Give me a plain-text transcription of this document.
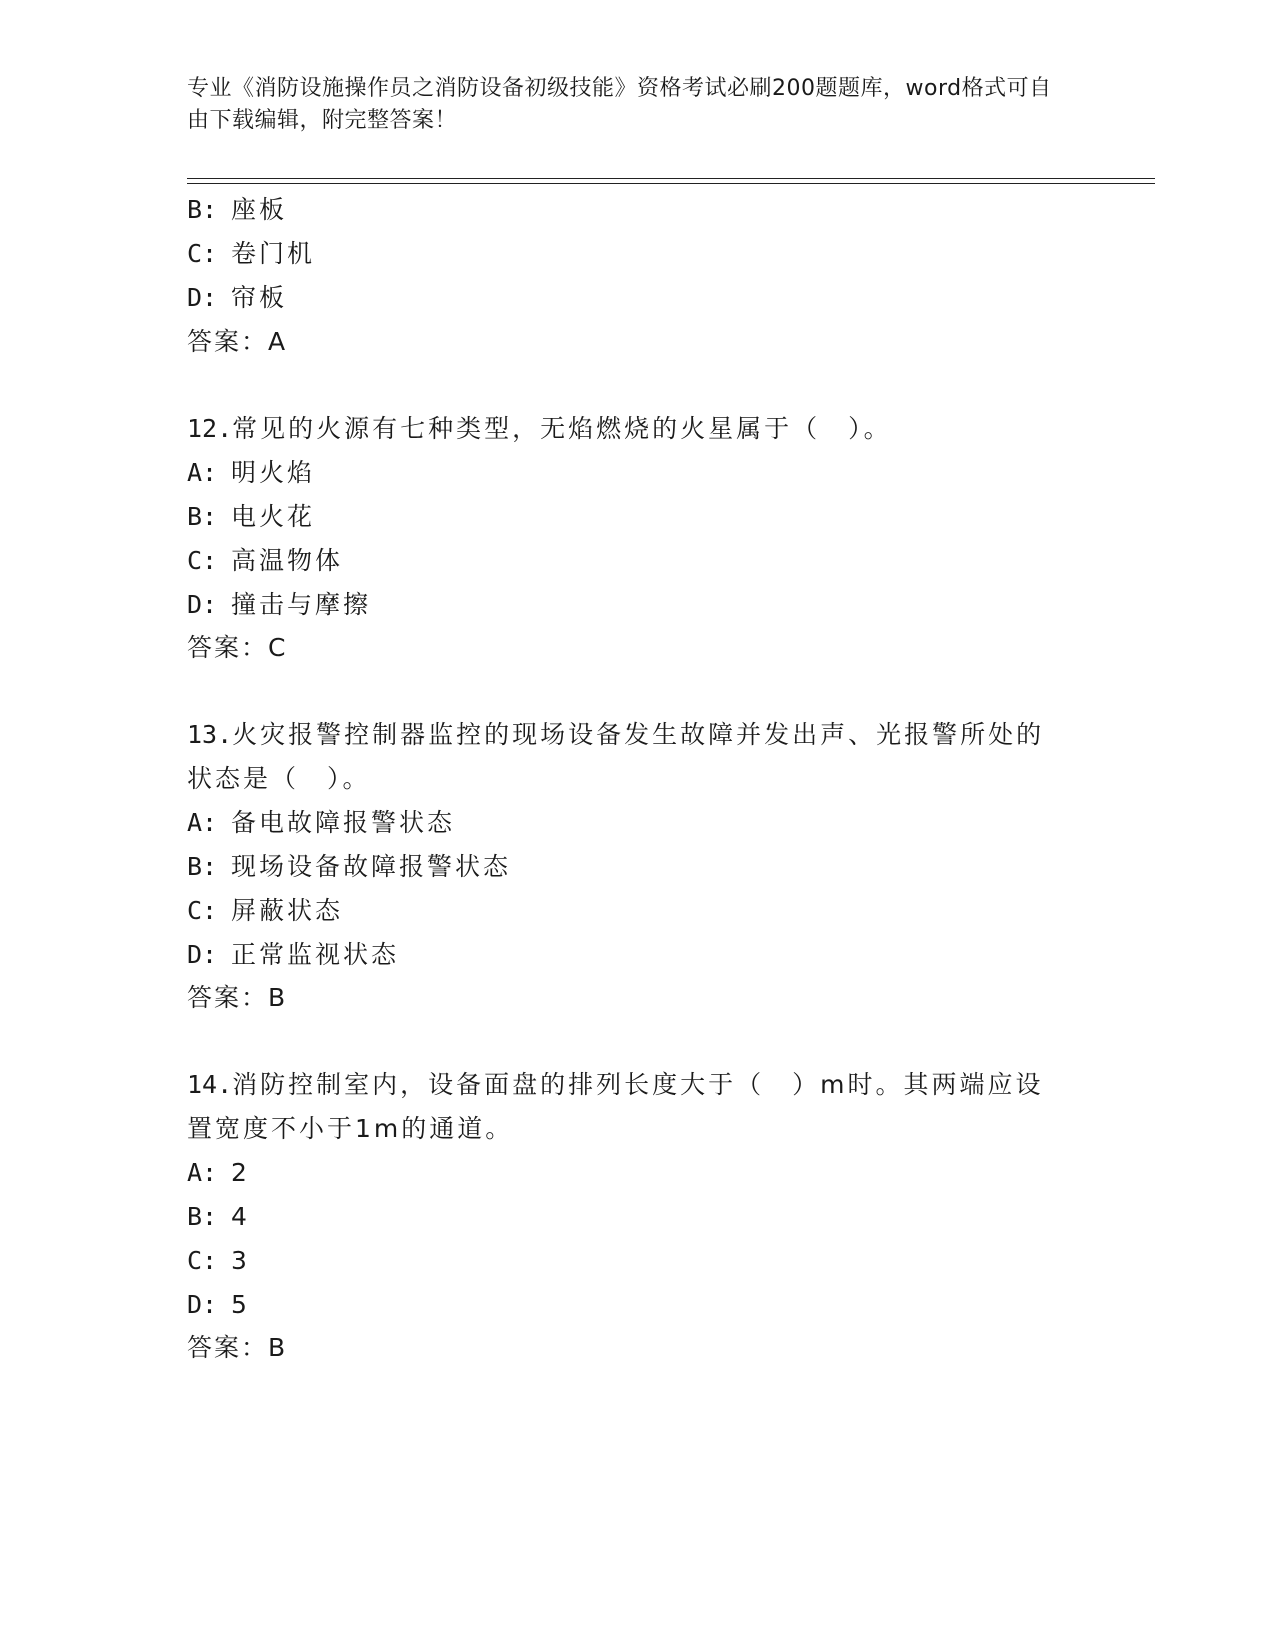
专业《消防设施操作员之消防设备初级技能》资格考试必刷200题题库，word格式可自由下载编辑，附完整答案！
B: 座板
C: 卷门机
D: 帘板
答案：A
12.常见的火源有七种类型，无焰燃烧的火星属于（　）。
A: 明火焰
B: 电火花
C: 高温物体
D: 撞击与摩擦
答案：C
13.火灾报警控制器监控的现场设备发生故障并发出声、光报警所处的
状态是（　）。
A: 备电故障报警状态
B: 现场设备故障报警状态
C: 屏蔽状态
D: 正常监视状态
答案：B
14.消防控制室内，设备面盘的排列长度大于（　）m时。其两端应设
置宽度不小于1m的通道。
A: 2
B: 4
C: 3
D: 5
答案：B
